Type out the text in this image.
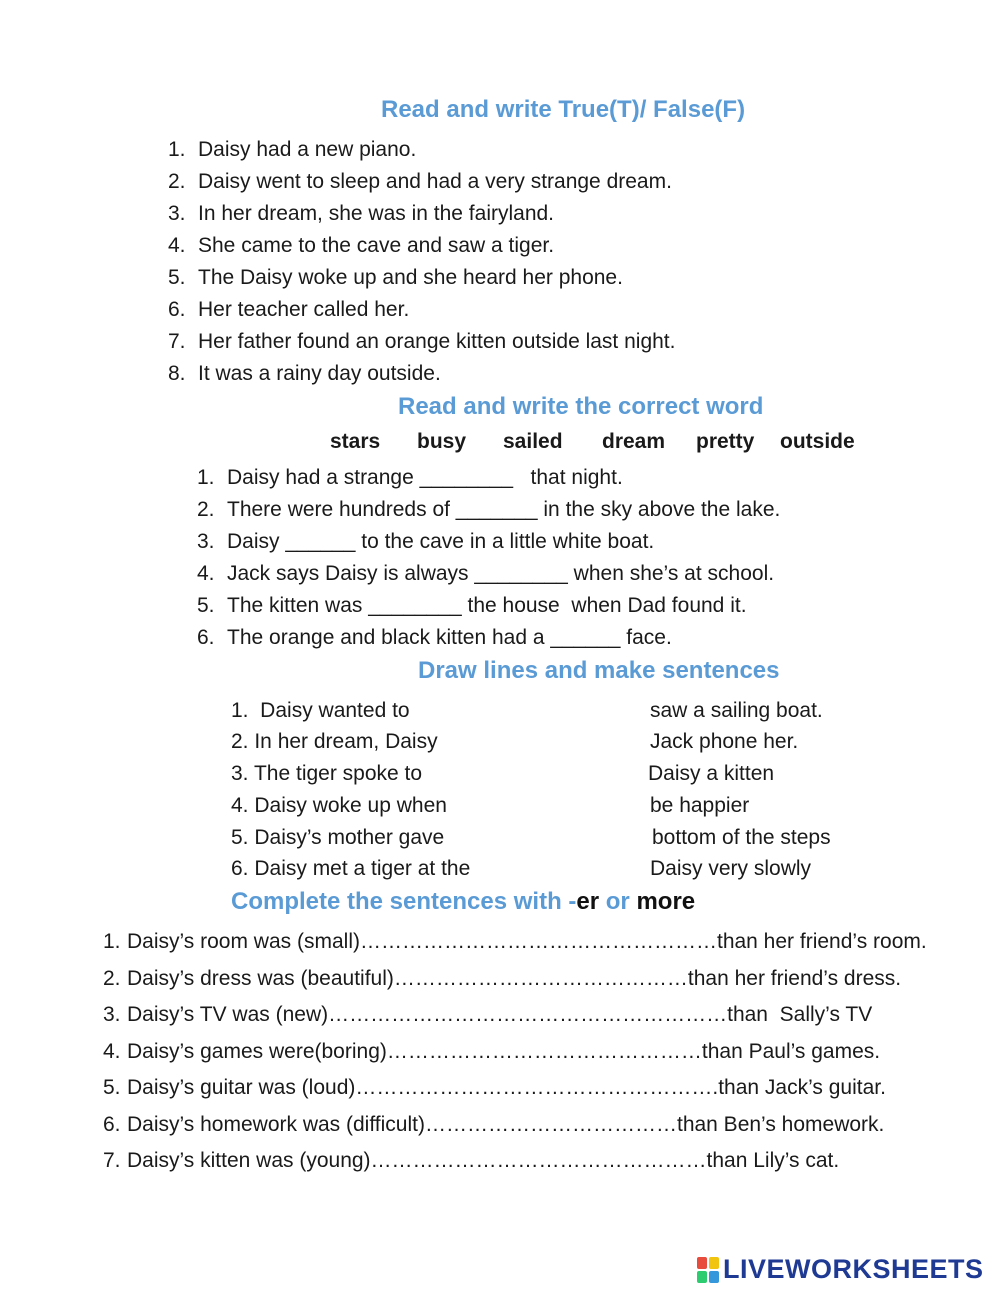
Read and write True(T)/ False(F)
1. Daisy had a new piano.
2. Daisy went to sleep and had a very strange dream.
3. In her dream, she was in the fairyland.
4. She came to the cave and saw a tiger.
5. The Daisy woke up and she heard her phone.
6. Her teacher called her.
7. Her father found an orange kitten outside last night.
8. It was a rainy day outside.
Read and write the correct word
stars busy sailed dream pretty outside
1. Daisy had a strange ________   that night.
2. There were hundreds of _______ in the sky above the lake.
3. Daisy ______ to the cave in a little white boat.
4. Jack says Daisy is always ________ when she’s at school.
5. The kitten was ________ the house  when Dad found it.
6. The orange and black kitten had a ______ face.
Draw lines and make sentences
1.  Daisy wanted to
2. In her dream, Daisy
3. The tiger spoke to
4. Daisy woke up when
5. Daisy’s mother gave
6. Daisy met a tiger at the
saw a sailing boat.
Jack phone her.
Daisy a kitten
be happier
bottom of the steps
Daisy very slowly
Complete the sentences with -er or more
1. Daisy’s room was (small)……………………………………………than her friend’s room.
2. Daisy’s dress was (beautiful)……………………………………than her friend’s dress.
3. Daisy’s TV was (new)…………………………………………………than  Sally’s TV
4. Daisy’s games were(boring)………………………………………than Paul’s games.
5. Daisy’s guitar was (loud)…………………………………………….than Jack’s guitar.
6. Daisy’s homework was (difficult)………………………………than Ben’s homework.
7. Daisy’s kitten was (young)…………………………………………than Lily’s cat.
LIVEWORKSHEETS
